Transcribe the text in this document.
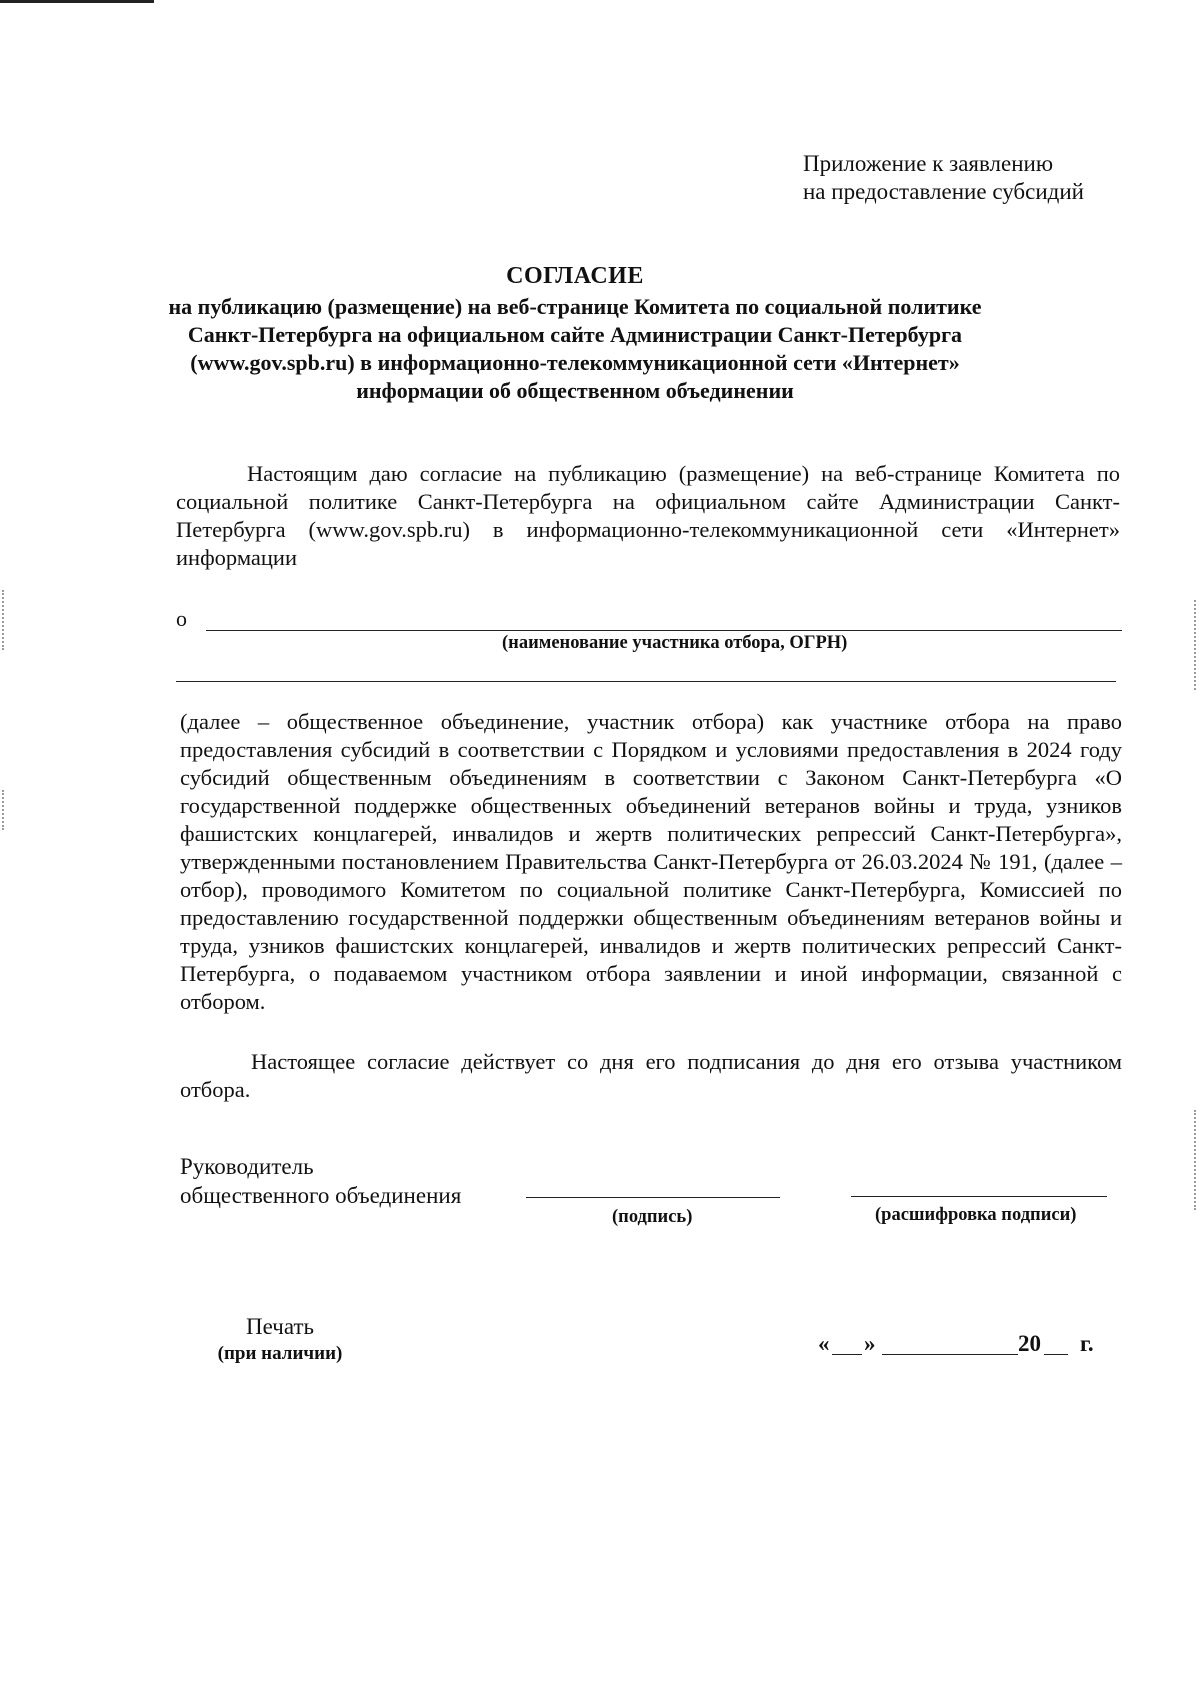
Приложение к заявлению
на предоставление субсидий
СОГЛАСИЕ
на публикацию (размещение) на веб-странице Комитета по социальной политике
Санкт-Петербурга на официальном сайте Администрации Санкт-Петербурга
(www.gov.spb.ru) в информационно-телекоммуникационной сети «Интернет»
информации об общественном объединении
Настоящим даю согласие на публикацию (размещение) на веб-странице Комитета по социальной политике Санкт-Петербурга на официальном сайте Администрации Санкт-Петербурга (www.gov.spb.ru) в информационно-телекоммуникационной сети «Интернет» информации
о
(наименование участника отбора, ОГРН)
(далее – общественное объединение, участник отбора) как участнике отбора на право предоставления субсидий в соответствии с Порядком и условиями предоставления в 2024 году субсидий общественным объединениям в соответствии с Законом Санкт-Петербурга «О государственной поддержке общественных объединений ветеранов войны и труда, узников фашистских концлагерей, инвалидов и жертв политических репрессий Санкт-Петербурга», утвержденными постановлением Правительства Санкт-Петербурга от 26.03.2024 № 191, (далее – отбор), проводимого Комитетом по социальной политике Санкт-Петербурга, Комиссией по предоставлению государственной поддержки общественным объединениям ветеранов войны и труда, узников фашистских концлагерей, инвалидов и жертв политических репрессий Санкт-Петербурга, о подаваемом участником отбора заявлении и иной информации, связанной с отбором.
Настоящее согласие действует со дня его подписания до дня его отзыва участником отбора.
Руководитель
общественного объединения
(подпись)	(расшифровка подписи)
Печать
(при наличии)	« »	20 г.
